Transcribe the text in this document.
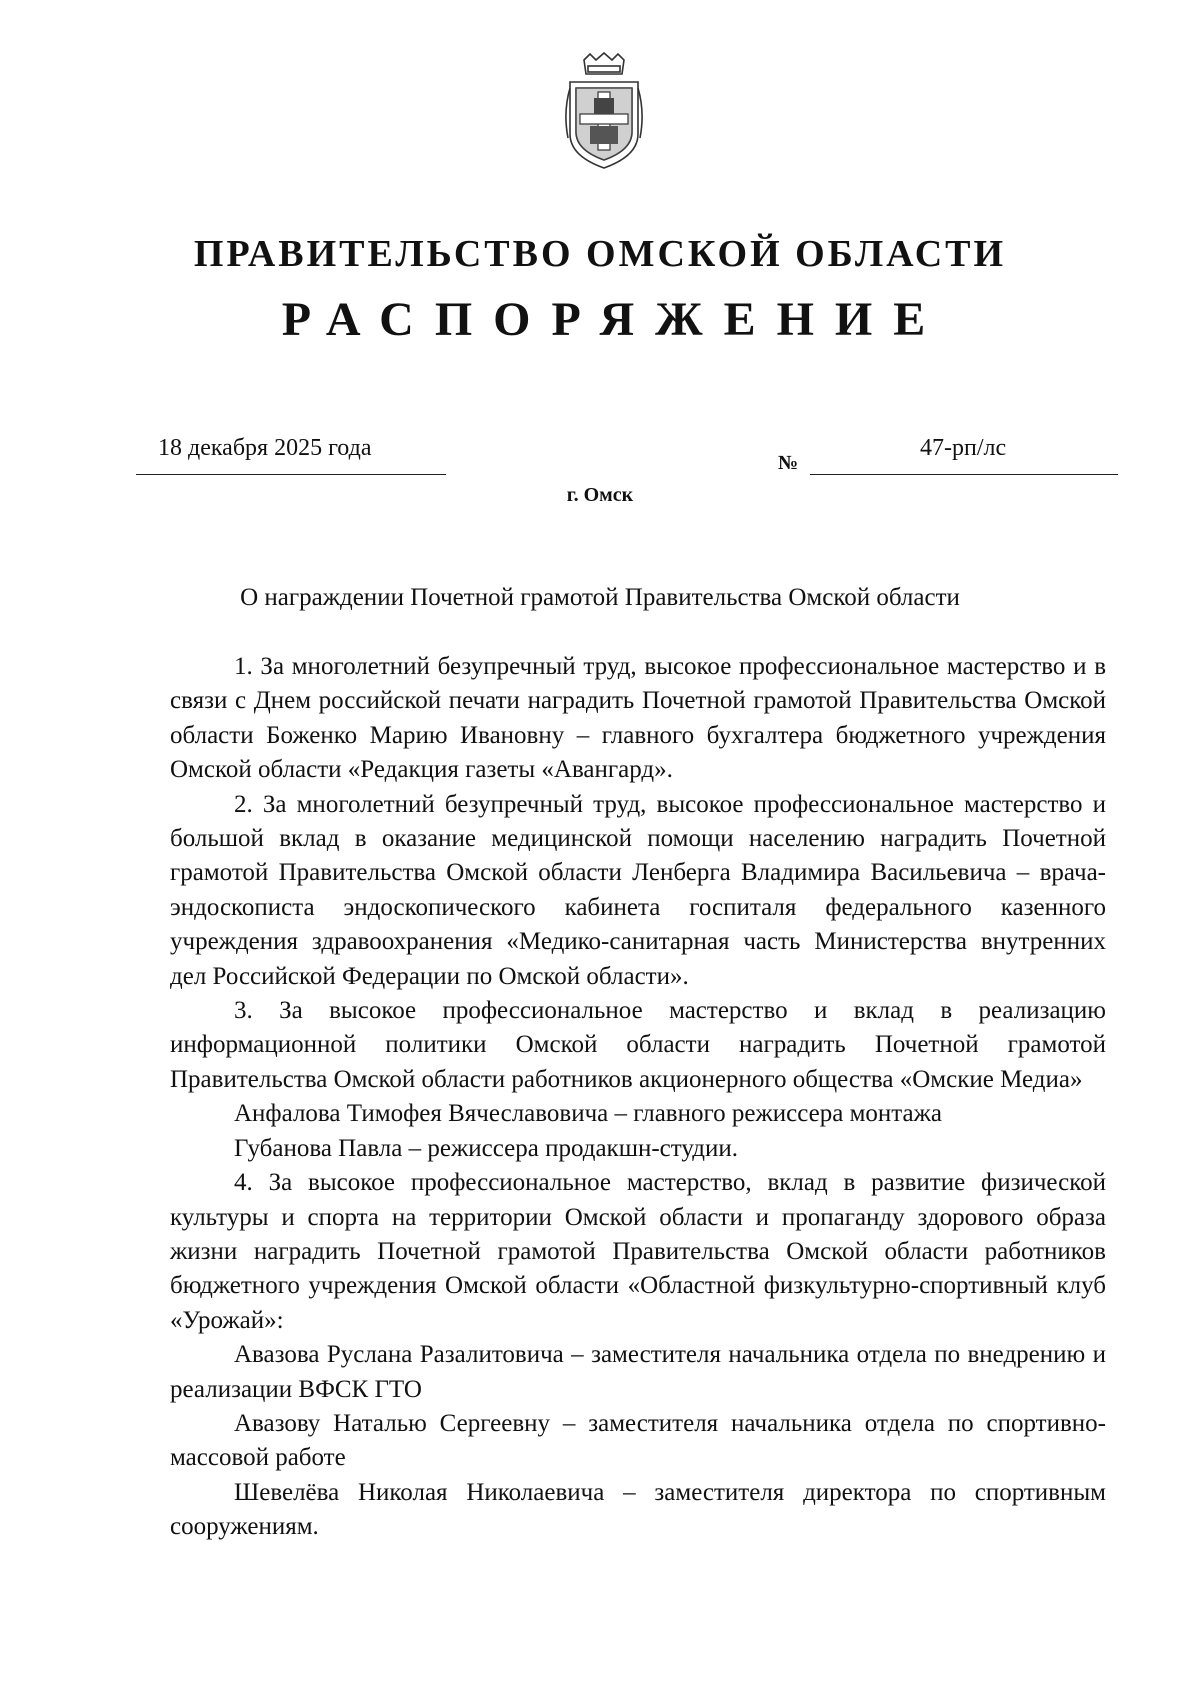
ПРАВИТЕЛЬСТВО ОМСКОЙ ОБЛАСТИ
РАСПОРЯЖЕНИЕ
18 декабря 2025 года
№
47-рп/лс
г. Омск
О награждении Почетной грамотой Правительства Омской области

1. За многолетний безупречный труд, высокое профессиональное мастерство и в связи с Днем российской печати наградить Почетной грамотой Правительства Омской области Боженко Марию Ивановну – главного бухгалтера бюджетного учреждения Омской области «Редакция газеты «Авангард».

2. За многолетний безупречный труд, высокое профессиональное мастерство и большой вклад в оказание медицинской помощи населению наградить Почетной грамотой Правительства Омской области Ленберга Владимира Васильевича – врача-эндоскописта эндоскопического кабинета госпиталя федерального казенного учреждения здравоохранения «Медико-санитарная часть Министерства внутренних дел Российской Федерации по Омской области».

3. За высокое профессиональное мастерство и вклад в реализацию информационной политики Омской области наградить Почетной грамотой Правительства Омской области работников акционерного общества «Омские Медиа»

Анфалова Тимофея Вячеславовича – главного режиссера монтажа

Губанова Павла – режиссера продакшн-студии.

4. За высокое профессиональное мастерство, вклад в развитие физической культуры и спорта на территории Омской области и пропаганду здорового образа жизни наградить Почетной грамотой Правительства Омской области работников бюджетного учреждения Омской области «Областной физкультурно-спортивный клуб «Урожай»:

Авазова Руслана Разалитовича – заместителя начальника отдела по внедрению и реализации ВФСК ГТО

Авазову Наталью Сергеевну – заместителя начальника отдела по спортивно-массовой работе

Шевелёва Николая Николаевича – заместителя директора по спортивным сооружениям.
